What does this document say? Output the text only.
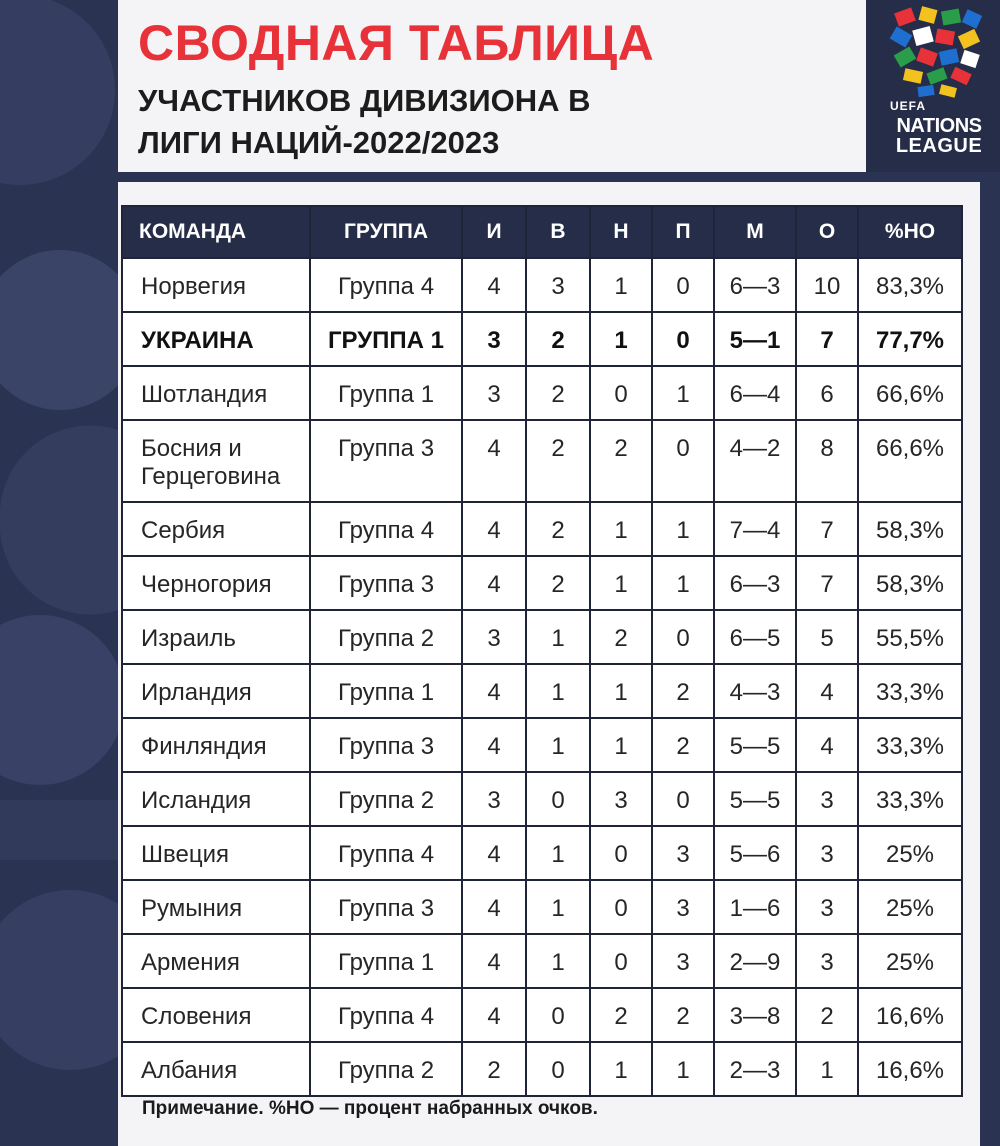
СВОДНАЯ ТАБЛИЦА
УЧАСТНИКОВ ДИВИЗИОНА В
ЛИГИ НАЦИЙ-2022/2023
UEFA
NATIONS
LEAGUE
КОМАНДА	ГРУППА	И	В	Н	П	М	О	%НО
Норвегия	Группа 4	4	3	1	0	6—3	10	83,3%
УКРАИНА	ГРУППА 1	3	2	1	0	5—1	7	77,7%
Шотландия	Группа 1	3	2	0	1	6—4	6	66,6%
Босния и Герцеговина	Группа 3	4	2	2	0	4—2	8	66,6%
Сербия	Группа 4	4	2	1	1	7—4	7	58,3%
Черногория	Группа 3	4	2	1	1	6—3	7	58,3%
Израиль	Группа 2	3	1	2	0	6—5	5	55,5%
Ирландия	Группа 1	4	1	1	2	4—3	4	33,3%
Финляндия	Группа 3	4	1	1	2	5—5	4	33,3%
Исландия	Группа 2	3	0	3	0	5—5	3	33,3%
Швеция	Группа 4	4	1	0	3	5—6	3	25%
Румыния	Группа 3	4	1	0	3	1—6	3	25%
Армения	Группа 1	4	1	0	3	2—9	3	25%
Словения	Группа 4	4	0	2	2	3—8	2	16,6%
Албания	Группа 2	2	0	1	1	2—3	1	16,6%
Примечание. %НО — процент набранных очков.
